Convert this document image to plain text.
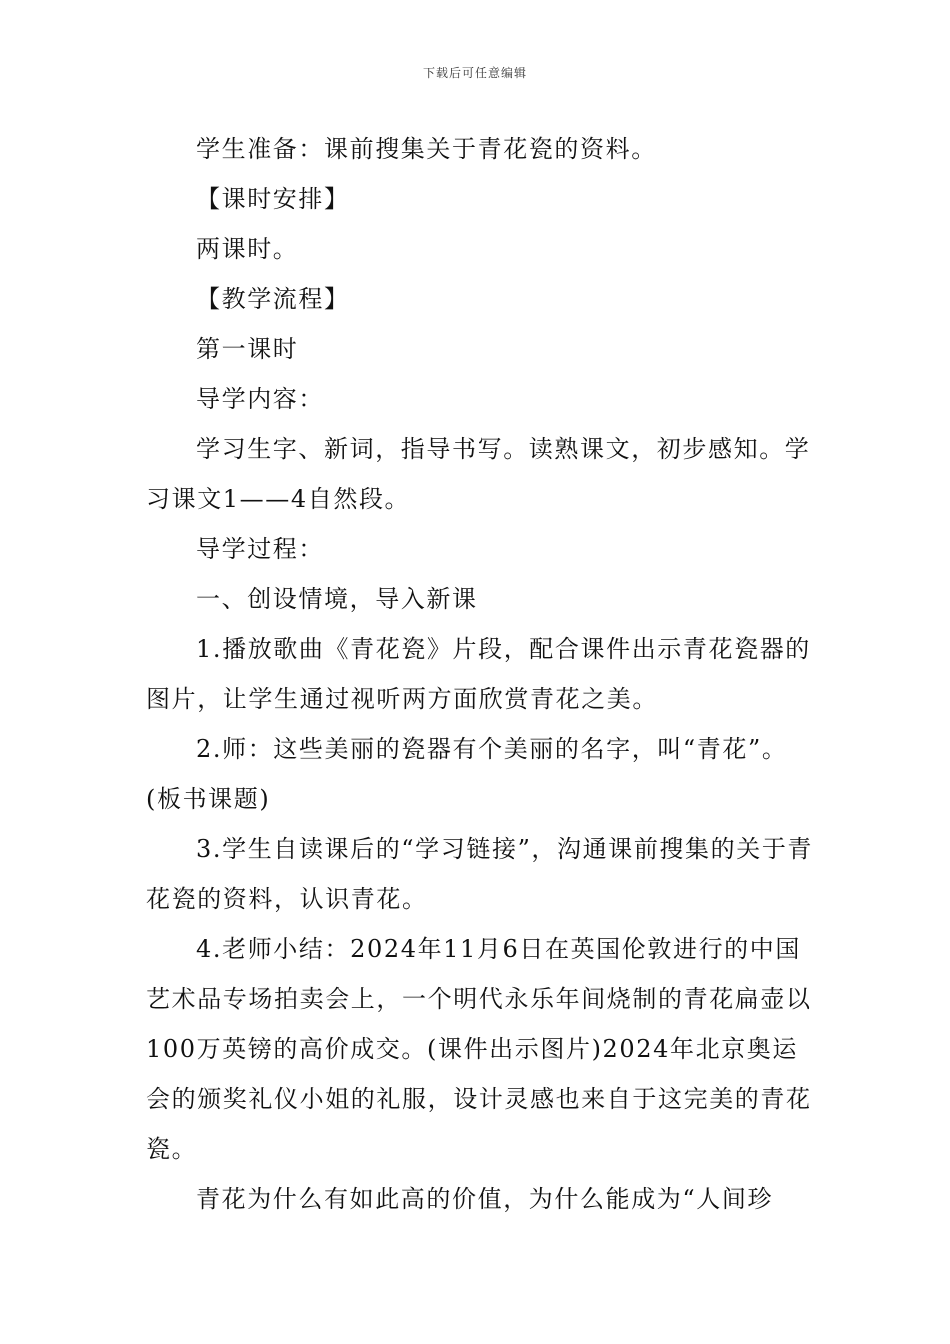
下载后可任意编辑

学生准备：课前搜集关于青花瓷的资料。

【课时安排】

两课时。

【教学流程】

第一课时

导学内容：

学习生字、新词，指导书写。读熟课文，初步感知。学习课文1——4自然段。

导学过程：

一、创设情境，导入新课

1.播放歌曲《青花瓷》片段，配合课件出示青花瓷器的图片，让学生通过视听两方面欣赏青花之美。

2.师：这些美丽的瓷器有个美丽的名字，叫“青花”。(板书课题)

3.学生自读课后的“学习链接”，沟通课前搜集的关于青花瓷的资料，认识青花。

4.老师小结：2024年11月6日在英国伦敦进行的中国艺术品专场拍卖会上，一个明代永乐年间烧制的青花扁壶以100万英镑的高价成交。(课件出示图片)2024年北京奥运会的颁奖礼仪小姐的礼服，设计灵感也来自于这完美的青花瓷。

青花为什么有如此高的价值，为什么能成为“人间珍
